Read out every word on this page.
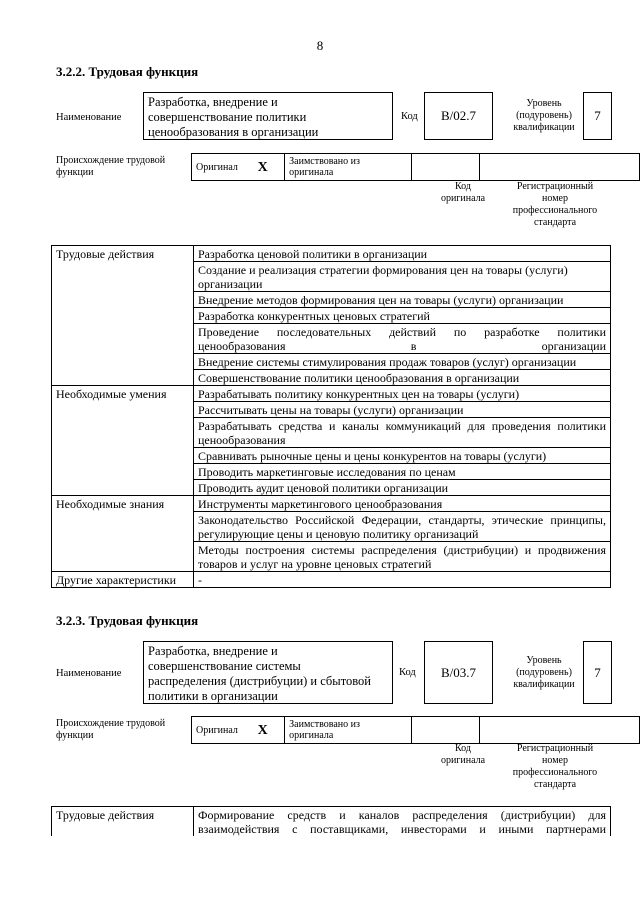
8
3.2.2. Трудовая функция
Наименование
Разработка, внедрение и
совершенствование политики
ценообразования в организации
Код	B/02.7
Уровень
(подуровень)
квалификации
7
Происхождение трудовой
функции	Оригинал	X	Заимствовано из
оригинала

Код
оригинала
Регистрационный
номер
профессионального
стандарта
Трудовые действия	Разработка ценовой политики в организации
	Создание и реализация стратегии формирования цен на товары (услуги) организации
	Внедрение методов формирования цен на товары (услуги) организации
	Разработка конкурентных ценовых стратегий
	Проведение последовательных действий по разработке политики ценообразования в организации
	Внедрение системы стимулирования продаж товаров (услуг) организации
	Совершенствование политики ценообразования в организации
Необходимые умения	Разрабатывать политику конкурентных цен на товары (услуги)
	Рассчитывать цены на товары (услуги) организации
	Разрабатывать средства и каналы коммуникаций для проведения политики ценообразования
	Сравнивать рыночные цены и цены конкурентов на товары (услуги)
	Проводить маркетинговые исследования по ценам
	Проводить аудит ценовой политики организации
Необходимые знания	Инструменты маркетингового ценообразования
	Законодательство Российской Федерации, стандарты, этические принципы, регулирующие цены и ценовую политику организаций
	Методы построения системы распределения (дистрибуции) и продвижения товаров и услуг на уровне ценовых стратегий
Другие характеристики	-
3.2.3. Трудовая функция
Наименование
Разработка, внедрение и
совершенствование системы
распределения (дистрибуции) и сбытовой
политики в организации
Код	B/03.7
Уровень
(подуровень)
квалификации
7
Происхождение трудовой
функции	Оригинал	X	Заимствовано из
оригинала

Код
оригинала
Регистрационный
номер
профессионального
стандарта
Трудовые действия	Формирование средств и каналов распределения (дистрибуции) для взаимодействия с поставщиками, инвесторами и иными партнерами
